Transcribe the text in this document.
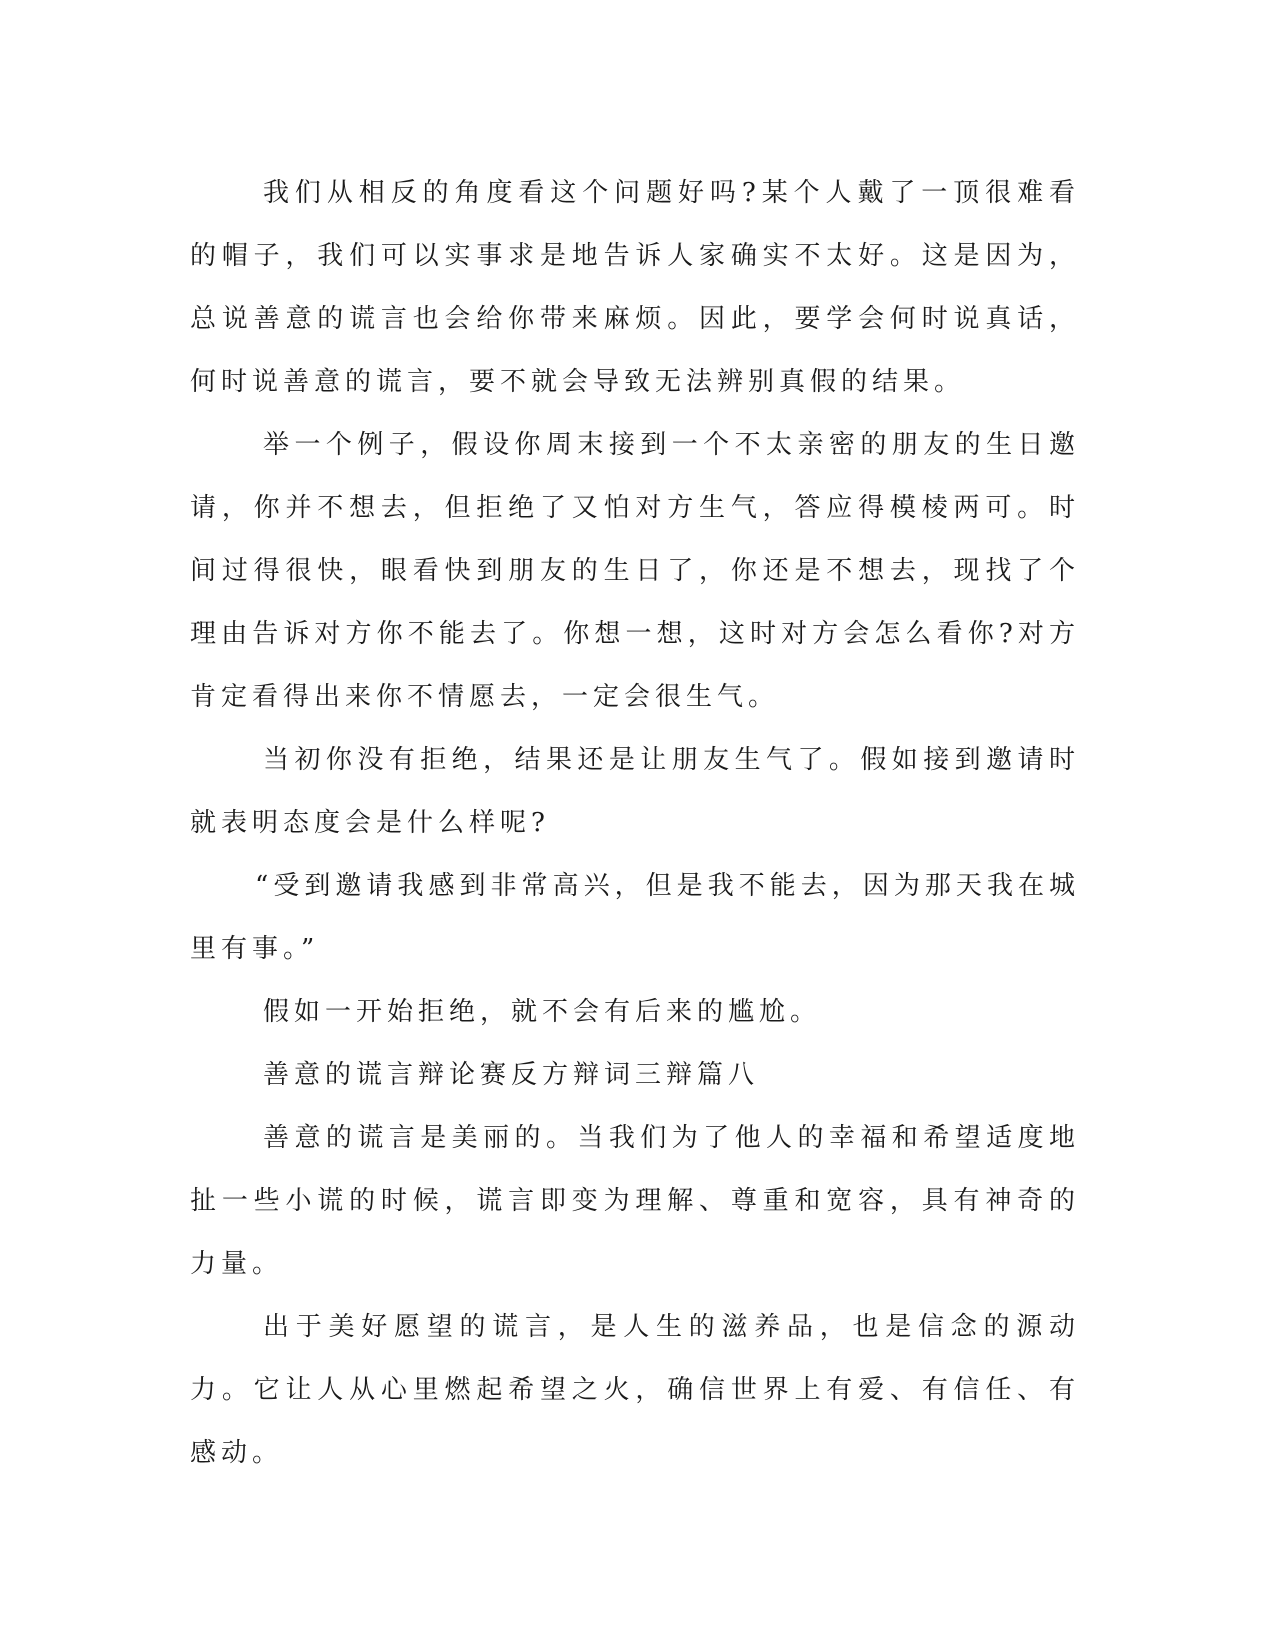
我们从相反的角度看这个问题好吗?某个人戴了一顶很难看的帽子，我们可以实事求是地告诉人家确实不太好。这是因为，总说善意的谎言也会给你带来麻烦。因此，要学会何时说真话，何时说善意的谎言，要不就会导致无法辨别真假的结果。

举一个例子，假设你周末接到一个不太亲密的朋友的生日邀请，你并不想去，但拒绝了又怕对方生气，答应得模棱两可。时间过得很快，眼看快到朋友的生日了，你还是不想去，现找了个理由告诉对方你不能去了。你想一想，这时对方会怎么看你?对方肯定看得出来你不情愿去，一定会很生气。

当初你没有拒绝，结果还是让朋友生气了。假如接到邀请时就表明态度会是什么样呢?

“受到邀请我感到非常高兴，但是我不能去，因为那天我在城里有事。”

假如一开始拒绝，就不会有后来的尴尬。

善意的谎言辩论赛反方辩词三辩篇八

善意的谎言是美丽的。当我们为了他人的幸福和希望适度地扯一些小谎的时候，谎言即变为理解、尊重和宽容，具有神奇的力量。

出于美好愿望的谎言，是人生的滋养品，也是信念的源动力。它让人从心里燃起希望之火，确信世界上有爱、有信任、有感动。
